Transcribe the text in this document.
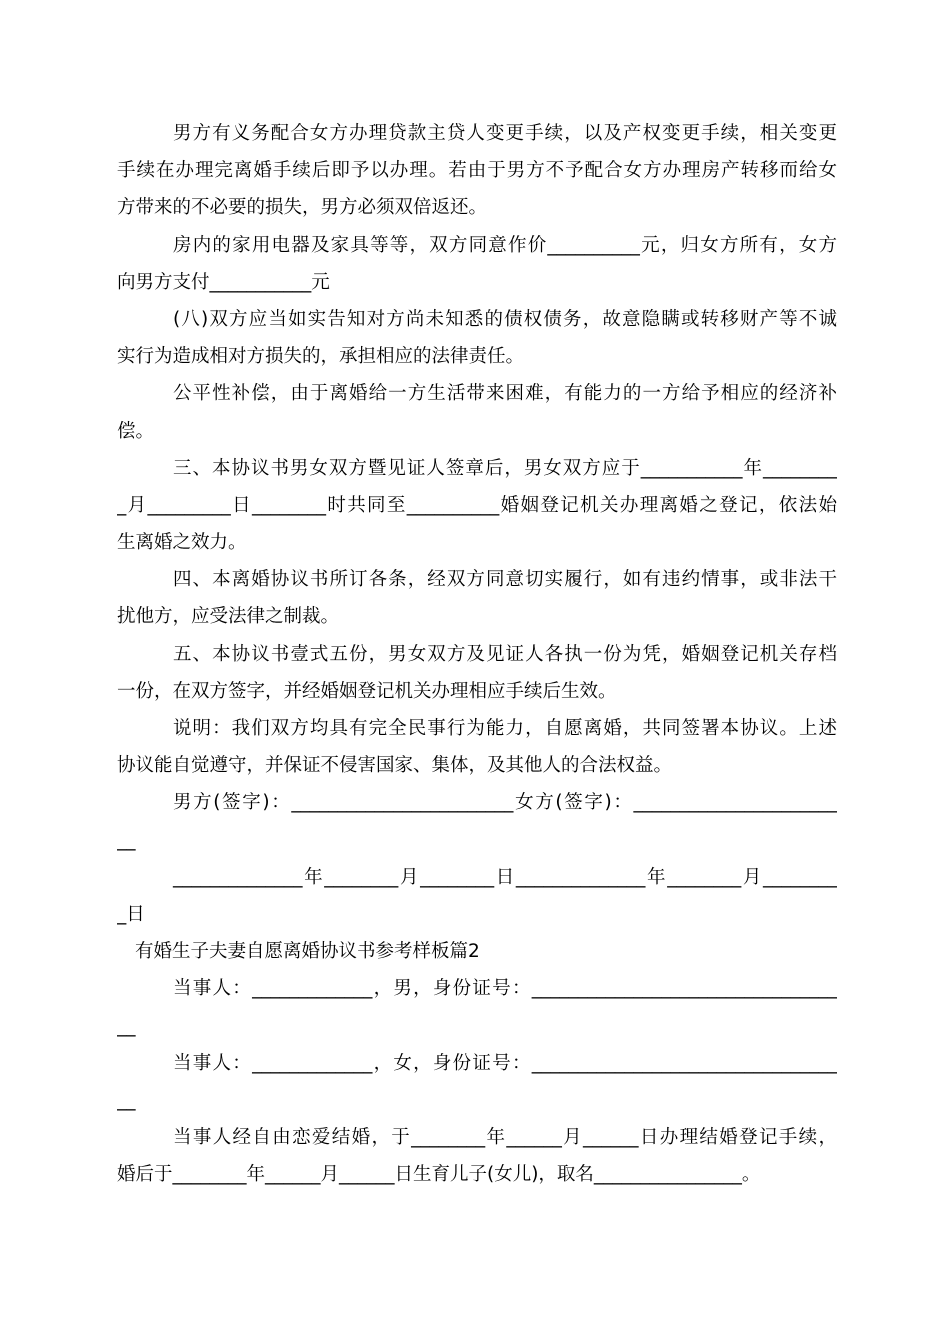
男方有义务配合女方办理贷款主贷人变更手续，以及产权变更手续，相关变更

手续在办理完离婚手续后即予以办理。若由于男方不予配合女方办理房产转移而给女

方带来的不必要的损失，男方必须双倍返还。

房内的家用电器及家具等等，双方同意作价__________元，归女方所有，女方

向男方支付___________元

(八)双方应当如实告知对方尚未知悉的债权债务，故意隐瞒或转移财产等不诚

实行为造成相对方损失的，承担相应的法律责任。

公平性补偿，由于离婚给一方生活带来困难，有能力的一方给予相应的经济补

偿。

三、本协议书男女双方暨见证人签章后，男女双方应于___________年________

_月_________日________时共同至__________婚姻登记机关办理离婚之登记，依法始

生离婚之效力。

四、本离婚协议书所订各条，经双方同意切实履行，如有违约情事，或非法干

扰他方，应受法律之制裁。

五、本协议书壹式五份，男女双方及见证人各执一份为凭，婚姻登记机关存档

一份，在双方签字，并经婚姻登记机关办理相应手续后生效。

说明：我们双方均具有完全民事行为能力，自愿离婚，共同签署本协议。上述

协议能自觉遵守，并保证不侵害国家、集体，及其他人的合法权益。

男方(签字)：________________________女方(签字)：______________________

__

______________年________月________日______________年________月________

_日

有婚生子夫妻自愿离婚协议书参考样板篇2

当事人：_____________，男，身份证号：_________________________________

__

当事人：_____________，女，身份证号：_________________________________

__

当事人经自由恋爱结婚，于________年______月______日办理结婚登记手续，

婚后于________年______月______日生育儿子(女儿)，取名________________。
